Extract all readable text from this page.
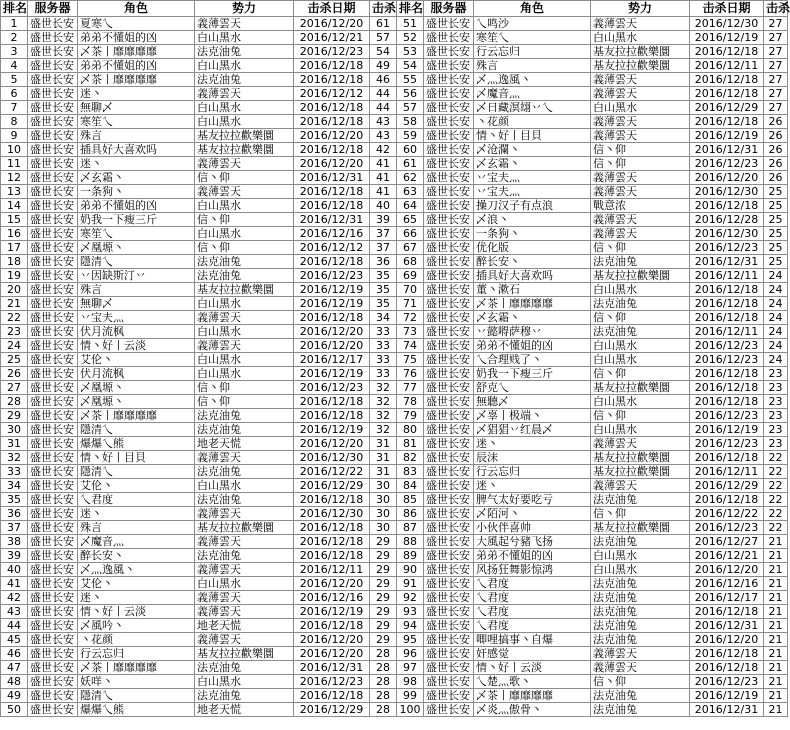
排名	服务器	角色	势力	击杀日期	击杀	排名	服务器	角色	势力	击杀日期	击杀
1	盛世长安	夏寒乀	義薄雲天	2016/12/20	61	51	盛世长安	乀鸣沙	義薄雲天	2016/12/30	27
2	盛世长安	弟弟不懂姐的凶	白山黑水	2016/12/21	57	52	盛世长安	寒笙乀	白山黑水	2016/12/19	27
3	盛世长安	乄茶丨靡靡靡靡	法克油兔	2016/12/23	54	53	盛世长安	行云忘归	基友拉拉歡樂圜	2016/12/18	27
4	盛世长安	弟弟不懂姐的凶	白山黑水	2016/12/18	49	54	盛世长安	殊言	基友拉拉歡樂圜	2016/12/11	27
5	盛世长安	乄茶丨靡靡靡靡	法克油兔	2016/12/18	46	55	盛世长安	乄灬逸風丶	義薄雲天	2016/12/18	27
6	盛世长安	迷丶	義薄雲天	2016/12/12	44	56	盛世长安	乄魔音灬	義薄雲天	2016/12/18	27
7	盛世长安	無聊乄	白山黑水	2016/12/18	44	57	盛世长安	乄日藏溟翃丷乀	白山黑水	2016/12/29	27
8	盛世长安	寒笙乀	白山黑水	2016/12/18	43	58	盛世长安	丶花颜	義薄雲天	2016/12/18	26
9	盛世长安	殊言	基友拉拉歡樂圜	2016/12/20	43	59	盛世长安	情丶好丨目貝	義薄雲天	2016/12/19	26
10	盛世长安	插具好大喜欢吗	基友拉拉歡樂圜	2016/12/18	42	60	盛世长安	乄沧瀾丶	信丶仰	2016/12/31	26
11	盛世长安	迷丶	義薄雲天	2016/12/20	41	61	盛世长安	乄玄霜丶	信丶仰	2016/12/23	26
12	盛世长安	乄玄霜丶	信丶仰	2016/12/31	41	62	盛世长安	丷宝夫灬	義薄雲天	2016/12/20	26
13	盛世长安	一条狗丶	義薄雲天	2016/12/18	41	63	盛世长安	丷宝夫灬	義薄雲天	2016/12/30	25
14	盛世长安	弟弟不懂姐的凶	白山黑水	2016/12/18	40	64	盛世长安	操刀汉子有点浪	戰意浓	2016/12/18	25
15	盛世长安	奶我一下瘦三斤	信丶仰	2016/12/31	39	65	盛世长安	乄浪丶	義薄雲天	2016/12/28	25
16	盛世长安	寒笙乀	白山黑水	2016/12/16	37	66	盛世长安	一条狗丶	義薄雲天	2016/12/30	25
17	盛世长安	乄凰塬丶	信丶仰	2016/12/12	37	67	盛世长安	优化版	信丶仰	2016/12/23	25
18	盛世长安	隱清乀	法克油兔	2016/12/18	36	68	盛世长安	醉长安丶	法克油兔	2016/12/31	25
19	盛世长安	丷因缺斯汀丷	法克油兔	2016/12/23	35	69	盛世长安	插具好大喜欢吗	基友拉拉歡樂圜	2016/12/11	24
20	盛世长安	殊言	基友拉拉歡樂圜	2016/12/19	35	70	盛世长安	董丶漱石	白山黑水	2016/12/18	24
21	盛世长安	無聊乄	白山黑水	2016/12/19	35	71	盛世长安	乄茶丨靡靡靡靡	法克油兔	2016/12/18	24
22	盛世长安	丷宝夫灬	義薄雲天	2016/12/18	34	72	盛世长安	乄玄霜丶	信丶仰	2016/12/18	24
23	盛世长安	伏月流枫	白山黑水	2016/12/20	33	73	盛世长安	丷懿嘚萨穆丷	法克油兔	2016/12/11	24
24	盛世长安	情丶好丨云淡	義薄雲天	2016/12/20	33	74	盛世长安	弟弟不懂姐的凶	白山黑水	2016/12/23	24
25	盛世长安	艾伦丶	白山黑水	2016/12/17	33	75	盛世长安	乀合理贱了丶	白山黑水	2016/12/23	24
26	盛世长安	伏月流枫	白山黑水	2016/12/19	33	76	盛世长安	奶我一下瘦三斤	信丶仰	2016/12/18	23
27	盛世长安	乄凰塬丶	信丶仰	2016/12/23	32	77	盛世长安	舒克乀	基友拉拉歡樂圜	2016/12/18	23
28	盛世长安	乄凰塬丶	信丶仰	2016/12/18	32	78	盛世长安	無聽乄	白山黑水	2016/12/18	23
29	盛世长安	乄茶丨靡靡靡靡	法克油兔	2016/12/18	32	79	盛世长安	乄辜丨极端丶	信丶仰	2016/12/23	23
30	盛世长安	隱清乀	法克油兔	2016/12/19	32	80	盛世长安	乄猖猖丷红晨乄	白山黑水	2016/12/19	23
31	盛世长安	爆爆乀熊	地老天慌	2016/12/20	31	81	盛世长安	迷丶	義薄雲天	2016/12/23	23
32	盛世长安	情丶好丨目貝	義薄雲天	2016/12/30	31	82	盛世长安	辰沫	基友拉拉歡樂圜	2016/12/18	22
33	盛世长安	隱清乀	法克油兔	2016/12/22	31	83	盛世长安	行云忘归	基友拉拉歡樂圜	2016/12/11	22
34	盛世长安	艾伦丶	白山黑水	2016/12/29	30	84	盛世长安	迷丶	義薄雲天	2016/12/29	22
35	盛世长安	乀君度	法克油兔	2016/12/18	30	85	盛世长安	脾气太好要吃亏	法克油兔	2016/12/18	22
36	盛世长安	迷丶	義薄雲天	2016/12/30	30	86	盛世长安	乄陌河丶	信丶仰	2016/12/22	22
37	盛世长安	殊言	基友拉拉歡樂圜	2016/12/18	30	87	盛世长安	小伙伴喜帅	基友拉拉歡樂圜	2016/12/23	22
38	盛世长安	乄魔音灬	義薄雲天	2016/12/18	29	88	盛世长安	大風起兮豬飞扬	法克油兔	2016/12/27	21
39	盛世长安	醉长安丶	法克油兔	2016/12/18	29	89	盛世长安	弟弟不懂姐的凶	白山黑水	2016/12/21	21
40	盛世长安	乄灬逸風丶	義薄雲天	2016/12/11	29	90	盛世长安	风扬狂舞影惊鸿	白山黑水	2016/12/20	21
41	盛世长安	艾伦丶	白山黑水	2016/12/20	29	91	盛世长安	乀君度	法克油兔	2016/12/16	21
42	盛世长安	迷丶	義薄雲天	2016/12/16	29	92	盛世长安	乀君度	法克油兔	2016/12/17	21
43	盛世长安	情丶好丨云淡	義薄雲天	2016/12/19	29	93	盛世长安	乀君度	法克油兔	2016/12/18	21
44	盛世长安	乄風吟丶	地老天慌	2016/12/18	29	94	盛世长安	乀君度	法克油兔	2016/12/31	21
45	盛世长安	丶花颜	義薄雲天	2016/12/20	29	95	盛世长安	唧哩搞事丶自爆	法克油兔	2016/12/20	21
46	盛世长安	行云忘归	基友拉拉歡樂圜	2016/12/20	28	96	盛世长安	奸感觉	義薄雲天	2016/12/18	21
47	盛世长安	乄茶丨靡靡靡靡	法克油兔	2016/12/31	28	97	盛世长安	情丶好丨云淡	義薄雲天	2016/12/18	21
48	盛世长安	妖咩丶	白山黑水	2016/12/23	28	98	盛世长安	乀楚灬歌丶	信丶仰	2016/12/23	21
49	盛世长安	隱清乀	法克油兔	2016/12/18	28	99	盛世长安	乄茶丨靡靡靡靡	法克油兔	2016/12/19	21
50	盛世长安	爆爆乀熊	地老天慌	2016/12/29	28	100	盛世长安	乄炎灬傲骨丶	法克油兔	2016/12/31	21
